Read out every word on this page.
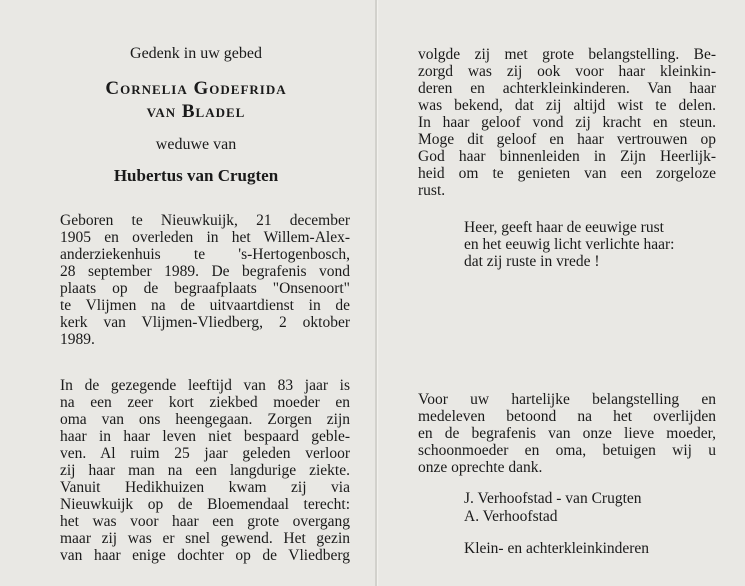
Gedenk in uw gebed
Cornelia Godefrida
van Bladel
weduwe van
Hubertus van Crugten
Geboren te Nieuwkuijk, 21 december
1905 en overleden in het Willem-Alex-
anderziekenhuis te 's-Hertogenbosch,
28 september 1989. De begrafenis vond
plaats op de begraafplaats "Onsenoort"
te Vlijmen na de uitvaartdienst in de
kerk van Vlijmen-Vliedberg, 2 oktober
1989.
In de gezegende leeftijd van 83 jaar is
na een zeer kort ziekbed moeder en
oma van ons heengegaan. Zorgen zijn
haar in haar leven niet bespaard geble-
ven. Al ruim 25 jaar geleden verloor
zij haar man na een langdurige ziekte.
Vanuit Hedikhuizen kwam zij via
Nieuwkuijk op de Bloemendaal terecht:
het was voor haar een grote overgang
maar zij was er snel gewend. Het gezin
van haar enige dochter op de Vliedberg
volgde zij met grote belangstelling. Be-
zorgd was zij ook voor haar kleinkin-
deren en achterkleinkinderen. Van haar
was bekend, dat zij altijd wist te delen.
In haar geloof vond zij kracht en steun.
Moge dit geloof en haar vertrouwen op
God haar binnenleiden in Zijn Heerlijk-
heid om te genieten van een zorgeloze
rust.
Heer, geeft haar de eeuwige rust
en het eeuwig licht verlichte haar:
dat zij ruste in vrede !
Voor uw hartelijke belangstelling en
medeleven betoond na het overlijden
en de begrafenis van onze lieve moeder,
schoonmoeder en oma, betuigen wij u
onze oprechte dank.
J. Verhoofstad - van Crugten
A. Verhoofstad
Klein- en achterkleinkinderen
